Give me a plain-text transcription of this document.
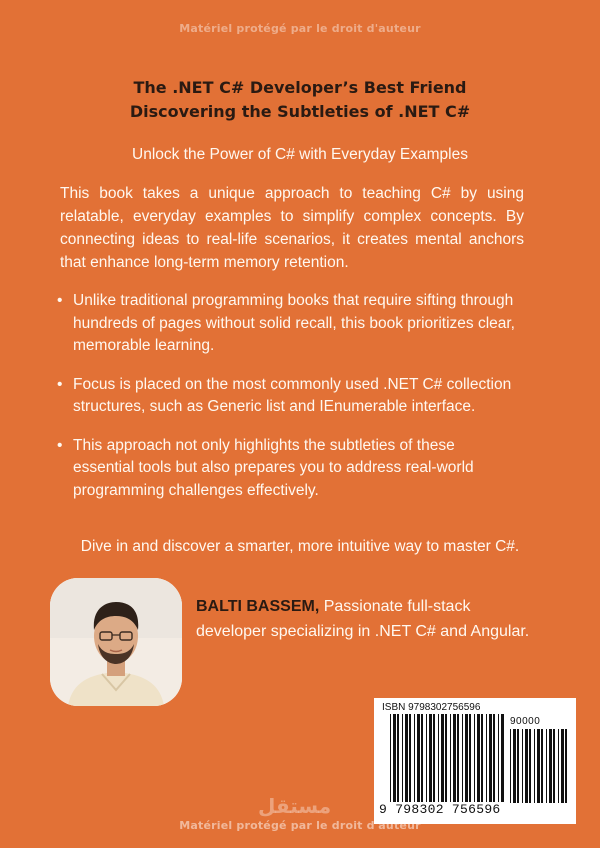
Matériel protégé par le droit d'auteur
The .NET C# Developer’s Best Friend
Discovering the Subtleties of .NET C#
Unlock the Power of C# with Everyday Examples
This book takes a unique approach to teaching C# by using relatable, everyday examples to simplify complex concepts. By connecting ideas to real-life scenarios, it creates mental anchors that enhance long-term memory retention.
• Unlike traditional programming books that require sifting through hundreds of pages without solid recall, this book prioritizes clear, memorable learning.
• Focus is placed on the most commonly used .NET C# collection structures, such as Generic list and IEnumerable interface.
• This approach not only highlights the subtleties of these essential tools but also prepares you to address real-world programming challenges effectively.
Dive in and discover a smarter, more intuitive way to master C#.
BALTI BASSEM, Passionate full-stack developer specializing in .NET C# and Angular.
ISBN 9798302756596
90000
9 798302 756596
مستقل
Matériel protégé par le droit d'auteur
